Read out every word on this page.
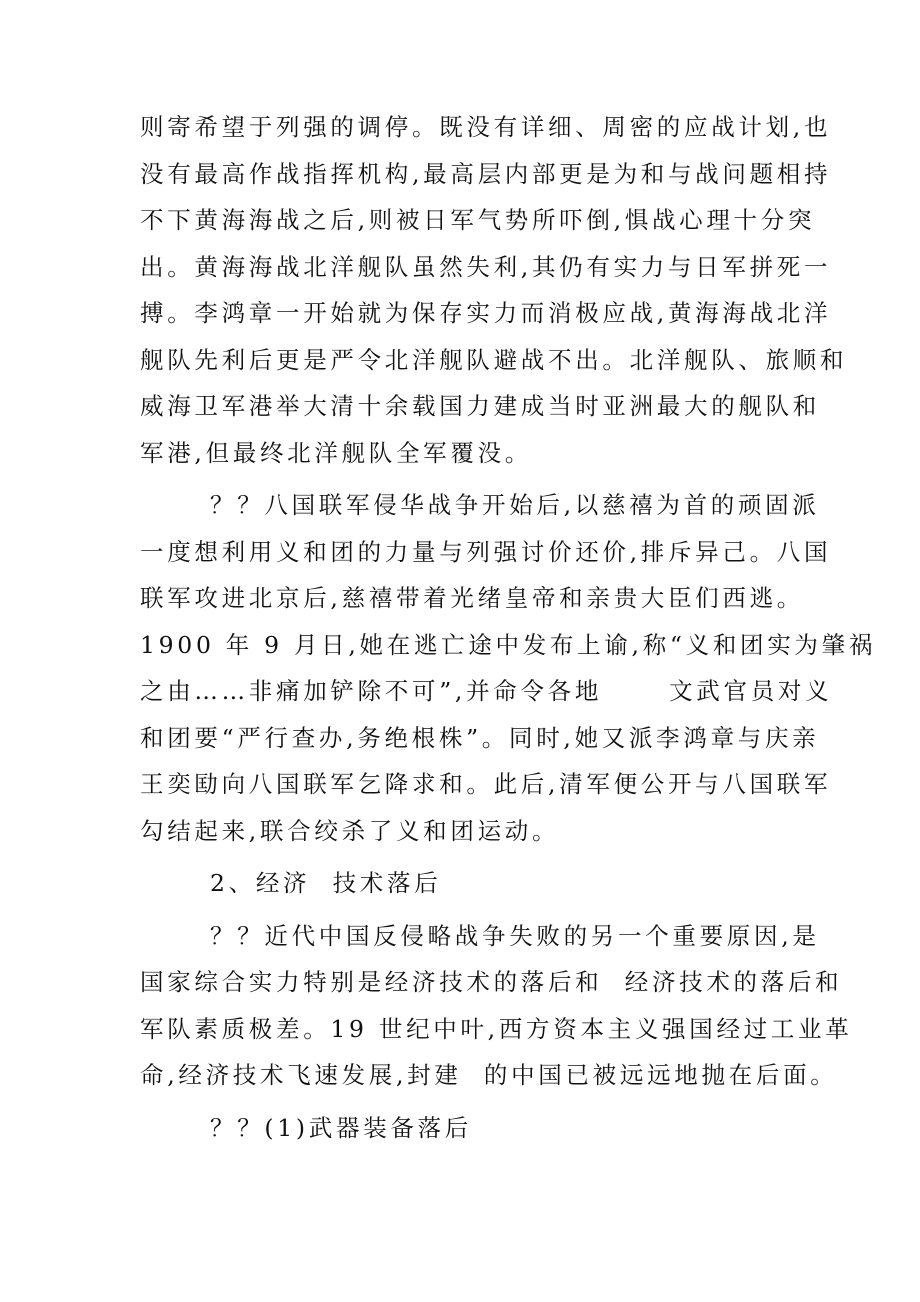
则寄希望于列强的调停。既没有详细、周密的应战计划,也
没有最高作战指挥机构,最高层内部更是为和与战问题相持
不下黄海海战之后,则被日军气势所吓倒,惧战心理十分突
出。黄海海战北洋舰队虽然失利,其仍有实力与日军拼死一
搏。李鸿章一开始就为保存实力而消极应战,黄海海战北洋
舰队先利后更是严令北洋舰队避战不出。北洋舰队、旅顺和
威海卫军港举大清十余载国力建成当时亚洲最大的舰队和
军港,但最终北洋舰队全军覆没。
？？八国联军侵华战争开始后,以慈禧为首的顽固派
一度想利用义和团的力量与列强讨价还价,排斥异己。八国
联军攻进北京后,慈禧带着光绪皇帝和亲贵大臣们西逃。
1900 年 9 月日,她在逃亡途中发布上谕,称“义和团实为肇祸
之由……非痛加铲除不可”,并命令各地      文武官员对义
和团要“严行查办,务绝根株”。同时,她又派李鸿章与庆亲
王奕劻向八国联军乞降求和。此后,清军便公开与八国联军
勾结起来,联合绞杀了义和团运动。
2、经济  技术落后
？？近代中国反侵略战争失败的另一个重要原因,是
国家综合实力特别是经济技术的落后和  经济技术的落后和
军队素质极差。19 世纪中叶,西方资本主义强国经过工业革
命,经济技术飞速发展,封建  的中国已被远远地抛在后面。
？？(1)武器装备落后
